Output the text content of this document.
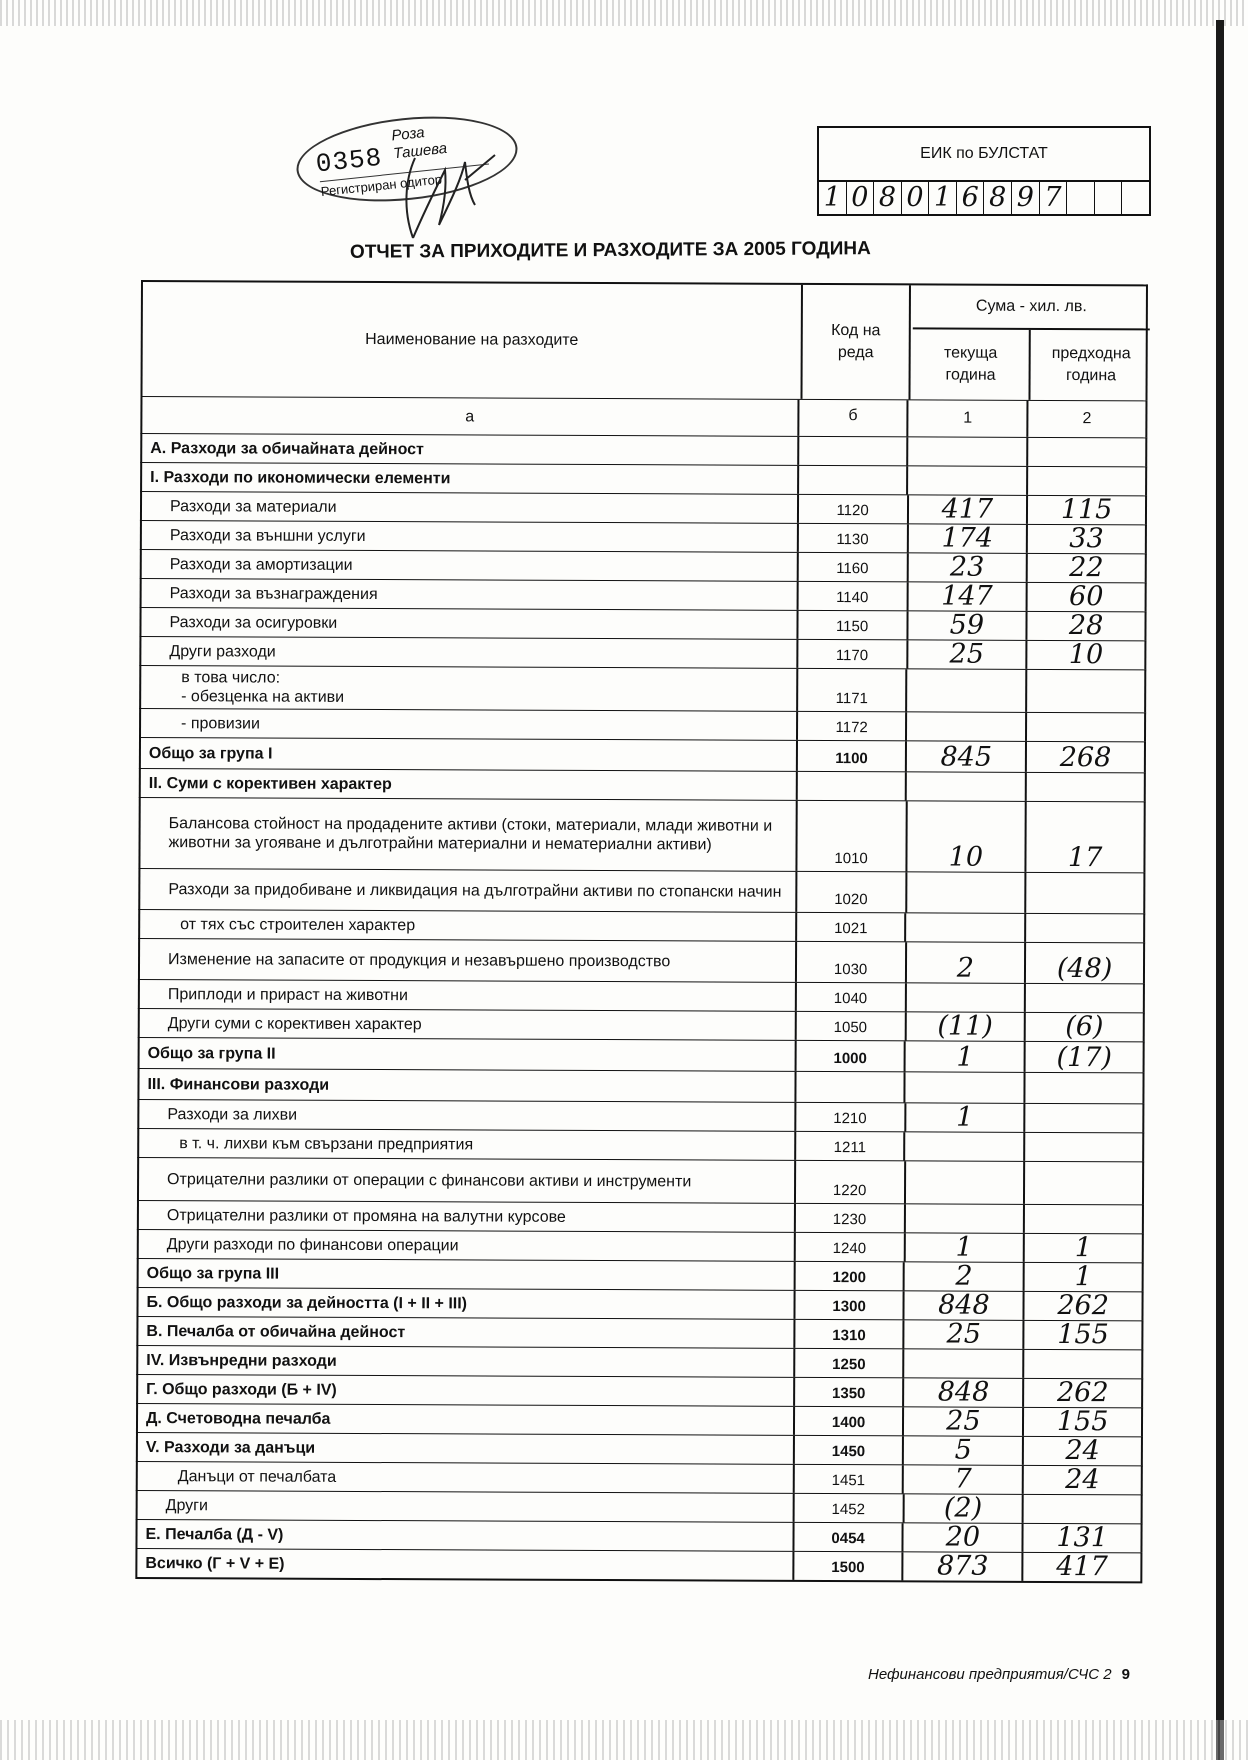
0358
Роза
Ташева
Регистриран одитор
ЕИК по БУЛСТАТ
1 0 8 0 1 6 8 9 7
ОТЧЕТ ЗА ПРИХОДИТЕ И РАЗХОДИТЕ ЗА 2005 ГОДИНА
Наименование на разходите
Код на реда
Сума - хил. лв.
текуща година
предходна година
а	б	1	2
А. Разходи за обичайната дейност
I. Разходи по икономически елементи
Разходи за материали	1120	417	115
Разходи за външни услуги	1130	174	33
Разходи за амортизации	1160	23	22
Разходи за възнаграждения	1140	147	60
Разходи за осигуровки	1150	59	28
Други разходи	1170	25	10
в това число:
- обезценка на активи	1171
- провизии	1172
Общо за група I	1100	845	268
II. Суми с корективен характер
Балансова стойност на продадените активи (стоки, материали, млади животни и животни за угояване и дълготрайни материални и нематериални активи)
1010	10	17
Разходи за придобиване и ликвидация на дълготрайни активи по стопански начин	1020
от тях със строителен характер	1021
Изменение на запасите от продукция и незавършено производство	1030	2	(48)
Приплоди и прираст на животни	1040
Други суми с корективен характер	1050	(11)	(6)
Общо за група II	1000	1	(17)
III. Финансови разходи
Разходи за лихви	1210	1
в т. ч. лихви към свързани предприятия	1211
Отрицателни разлики от операции с финансови активи и инструменти
1220
Отрицателни разлики от промяна на валутни курсове	1230
Други разходи по финансови операции	1240	1	1
Общо за група III	1200	2	1
Б. Общо разходи за дейността (I + II + III)	1300	848	262
В. Печалба от обичайна дейност	1310	25	155
IV. Извънредни разходи	1250
Г. Общо разходи (Б + IV)	1350	848	262
Д. Счетоводна печалба	1400	25	155
V. Разходи за данъци	1450	5	24
Данъци от печалбата	1451	7	24
Други	1452	(2)
Е. Печалба (Д - V)	0454	20	131
Всичко (Г + V + Е)	1500	873	417
Нефинансови предприятия/СЧС 2 9
